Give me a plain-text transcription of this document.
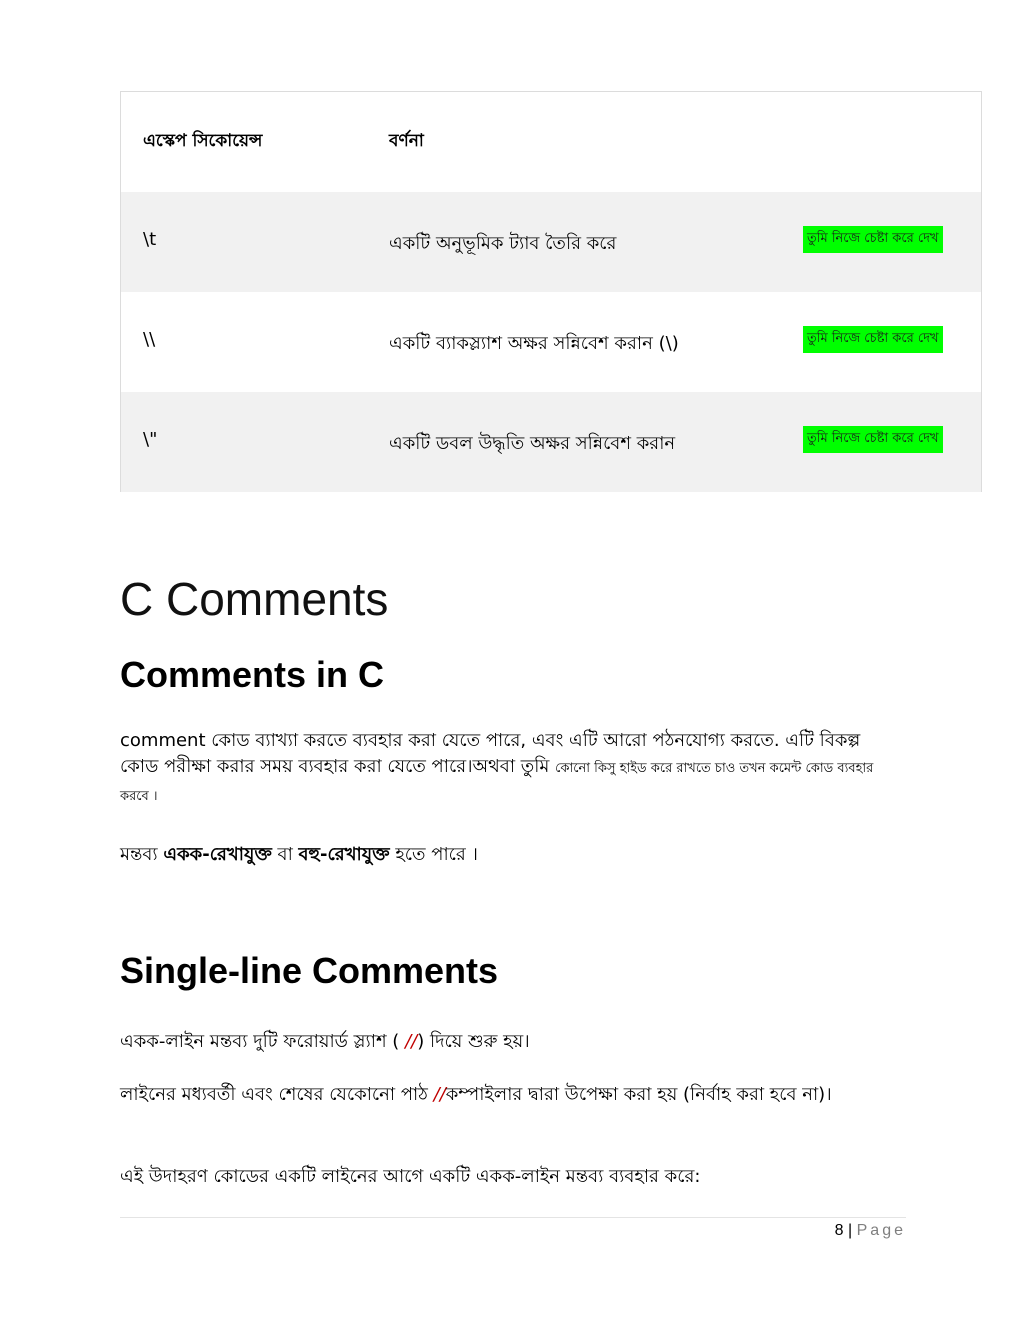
এস্কেপ সিকোয়েন্স	বর্ণনা
\t	একটি অনুভূমিক ট্যাব তৈরি করে	তুমি নিজে চেষ্টা করে দেখ
\\	একটি ব্যাকস্ল্যাশ অক্ষর সন্নিবেশ করান (\)	তুমি নিজে চেষ্টা করে দেখ
\"	একটি ডবল উদ্ধৃতি অক্ষর সন্নিবেশ করান	তুমি নিজে চেষ্টা করে দেখ
C Comments
Comments in C

comment কোড ব্যাখ্যা করতে ব্যবহার করা যেতে পারে, এবং এটি আরো পঠনযোগ্য করতে. এটি বিকল্প কোড পরীক্ষা করার সময় ব্যবহার করা যেতে পারে।অথবা তুমি কোনো কিসু হাইড করে রাখতে চাও তখন কমেন্ট কোড ব্যবহার করবে ।

মন্তব্য একক-রেখাযুক্ত বা বহু-রেখাযুক্ত হতে পারে ।

Single-line Comments

একক-লাইন মন্তব্য দুটি ফরোয়ার্ড স্ল্যাশ ( //) দিয়ে শুরু হয়।

লাইনের মধ্যবর্তী এবং শেষের যেকোনো পাঠ //কম্পাইলার দ্বারা উপেক্ষা করা হয় (নির্বাহ করা হবে না)।

এই উদাহরণ কোডের একটি লাইনের আগে একটি একক-লাইন মন্তব্য ব্যবহার করে:

8 | Page
